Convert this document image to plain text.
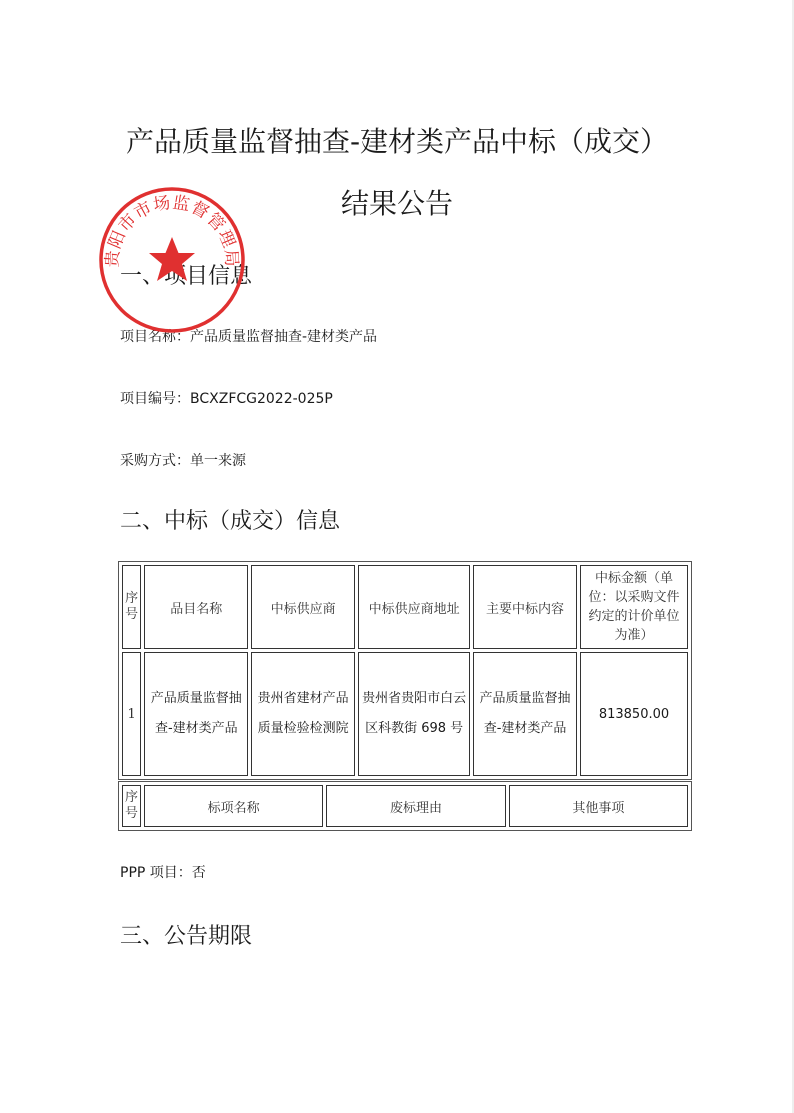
产品质量监督抽查-建材类产品中标（成交）
结果公告
一、项目信息
项目名称：产品质量监督抽查-建材类产品
项目编号：BCXZFCG2022-025P
采购方式：单一来源
二、中标（成交）信息
序号	品目名称	中标供应商	中标供应商地址	主要中标内容	中标金额（单位：以采购文件约定的计价单位为准）
1	产品质量监督抽查-建材类产品	贵州省建材产品质量检验检测院	贵州省贵阳市白云区科教街 698 号	产品质量监督抽查-建材类产品	813850.00
序号	标项名称	废标理由	其他事项
PPP 项目：否
三、公告期限
贵阳市市场监督管理局
